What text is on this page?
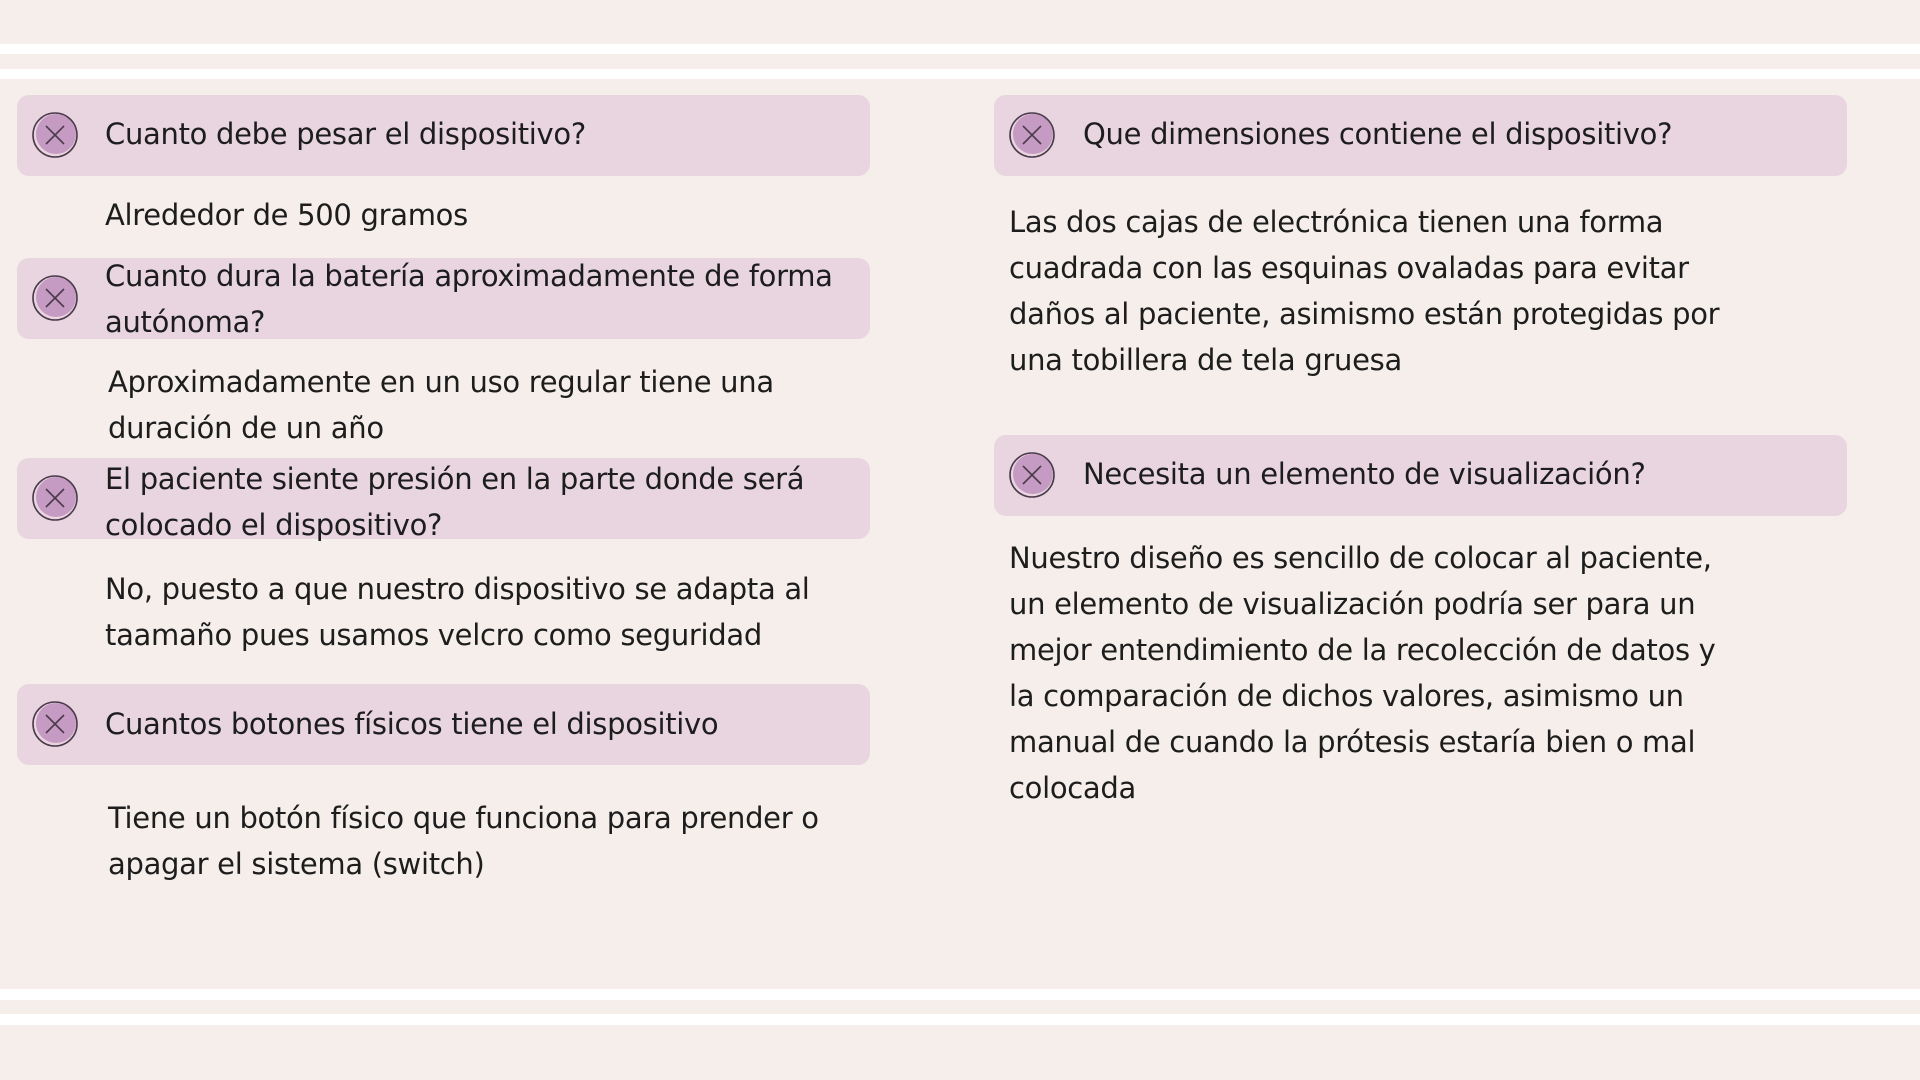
Cuanto debe pesar el dispositivo?
Alrededor de 500 gramos
Cuanto dura la batería aproximadamente de forma
autónoma?
Aproximadamente en un uso regular tiene una
duración de un año
El paciente siente presión en la parte donde será
colocado el dispositivo?
No, puesto a que nuestro dispositivo se adapta al
taamaño pues usamos velcro como seguridad
Cuantos botones físicos tiene el dispositivo
Tiene un botón físico que funciona para prender o
apagar el sistema (switch)
Que dimensiones contiene el dispositivo?
Las dos cajas de electrónica tienen una forma
cuadrada con las esquinas ovaladas para evitar
daños al paciente, asimismo están protegidas por
una tobillera de tela gruesa
Necesita un elemento de visualización?
Nuestro diseño es sencillo de colocar al paciente,
un elemento de visualización podría ser para un
mejor entendimiento de la recolección de datos y
la comparación de dichos valores, asimismo un
manual de cuando la prótesis estaría bien o mal
colocada
